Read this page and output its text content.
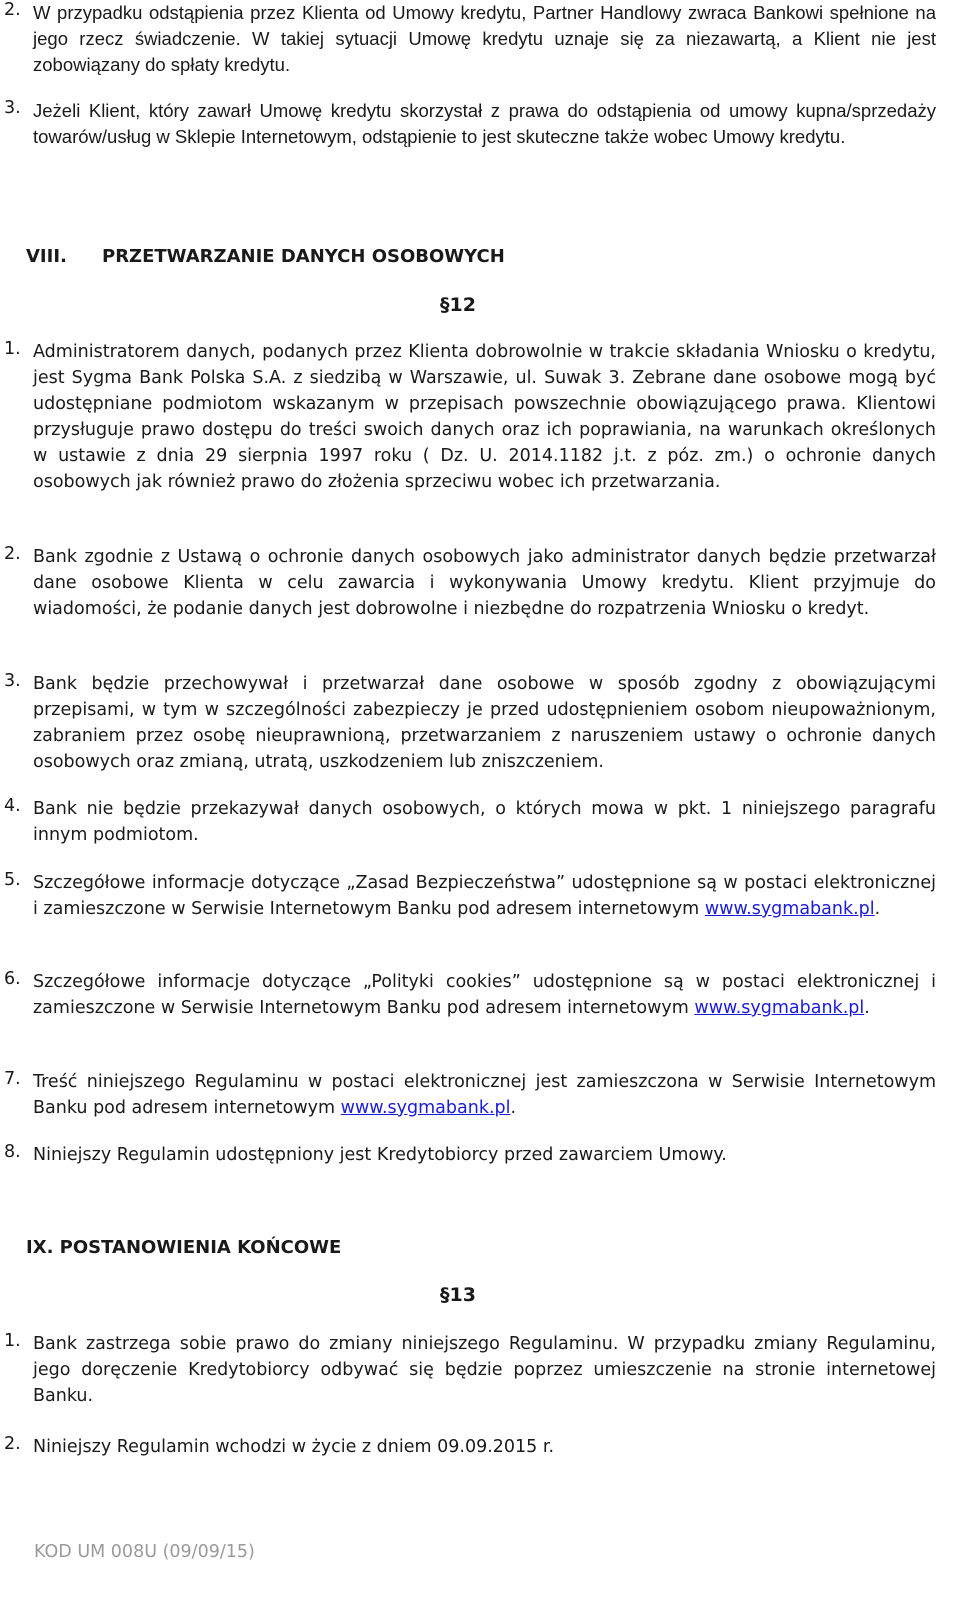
2. W przypadku odstąpienia przez Klienta od Umowy kredytu, Partner Handlowy zwraca Bankowi spełnione na jego rzecz świadczenie. W takiej sytuacji Umowę kredytu uznaje się za niezawartą, a Klient nie jest zobowiązany do spłaty kredytu.
3. Jeżeli Klient, który zawarł Umowę kredytu skorzystał z prawa do odstąpienia od umowy kupna/sprzedaży towarów/usług w Sklepie Internetowym, odstąpienie to jest skuteczne także wobec Umowy kredytu.
VIII. PRZETWARZANIE DANYCH OSOBOWYCH
§12
1. Administratorem danych, podanych przez Klienta dobrowolnie w trakcie składania Wniosku o kredytu, jest Sygma Bank Polska S.A. z siedzibą w Warszawie, ul. Suwak 3. Zebrane dane osobowe mogą być udostępniane podmiotom wskazanym w przepisach powszechnie obowiązującego prawa. Klientowi przysługuje prawo dostępu do treści swoich danych oraz ich poprawiania, na warunkach określonych w ustawie z dnia 29 sierpnia 1997 roku ( Dz. U. 2014.1182 j.t. z póz. zm.) o ochronie danych osobowych jak również prawo do złożenia sprzeciwu wobec ich przetwarzania.
2. Bank zgodnie z Ustawą o ochronie danych osobowych jako administrator danych będzie przetwarzał dane osobowe Klienta w celu zawarcia i wykonywania Umowy kredytu. Klient przyjmuje do wiadomości, że podanie danych jest dobrowolne i niezbędne do rozpatrzenia Wniosku o kredyt.
3. Bank będzie przechowywał i przetwarzał dane osobowe w sposób zgodny z obowiązującymi przepisami, w tym w szczególności zabezpieczy je przed udostępnieniem osobom nieupoważnionym, zabraniem przez osobę nieuprawnioną, przetwarzaniem z naruszeniem ustawy o ochronie danych osobowych oraz zmianą, utratą, uszkodzeniem lub zniszczeniem.
4. Bank nie będzie przekazywał danych osobowych, o których mowa w pkt. 1 niniejszego paragrafu innym podmiotom.
5. Szczegółowe informacje dotyczące „Zasad Bezpieczeństwa” udostępnione są w postaci elektronicznej i zamieszczone w Serwisie Internetowym Banku pod adresem internetowym www.sygmabank.pl.
6. Szczegółowe informacje dotyczące „Polityki cookies” udostępnione są w postaci elektronicznej i zamieszczone w Serwisie Internetowym Banku pod adresem internetowym www.sygmabank.pl.
7. Treść niniejszego Regulaminu w postaci elektronicznej jest zamieszczona w Serwisie Internetowym Banku pod adresem internetowym www.sygmabank.pl.
8. Niniejszy Regulamin udostępniony jest Kredytobiorcy przed zawarciem Umowy.
IX. POSTANOWIENIA KOŃCOWE
§13
1. Bank zastrzega sobie prawo do zmiany niniejszego Regulaminu. W przypadku zmiany Regulaminu, jego doręczenie Kredytobiorcy odbywać się będzie poprzez umieszczenie na stronie internetowej Banku.
2. Niniejszy Regulamin wchodzi w życie z dniem 09.09.2015 r.
KOD UM 008U (09/09/15)
